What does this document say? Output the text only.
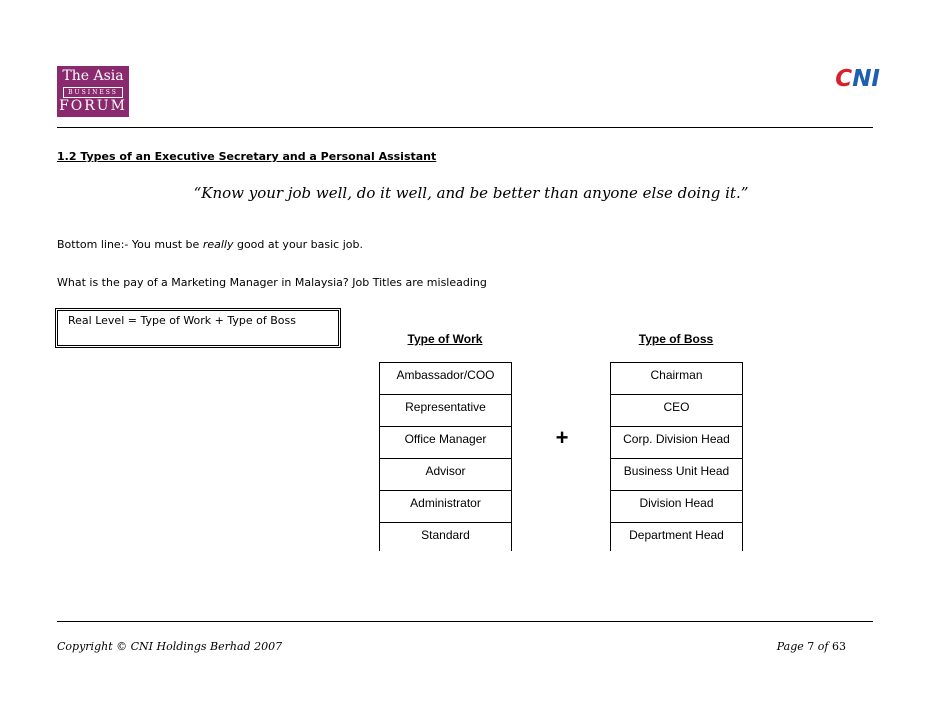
The Asia
BUSINESS
FORUM
CNI
1.2 Types of an Executive Secretary and a Personal Assistant
“Know your job well, do it well, and be better than anyone else doing it.”
Bottom line:- You must be really good at your basic job.
What is the pay of a Marketing Manager in Malaysia? Job Titles are misleading
Real Level = Type of Work + Type of Boss
Type of Work
Ambassador/COO
Representative
Office Manager
Advisor
Administrator
Standard
+
Type of Boss
Chairman
CEO
Corp. Division Head
Business Unit Head
Division Head
Department Head
Copyright © CNI Holdings Berhad 2007	Page 7 of 63
